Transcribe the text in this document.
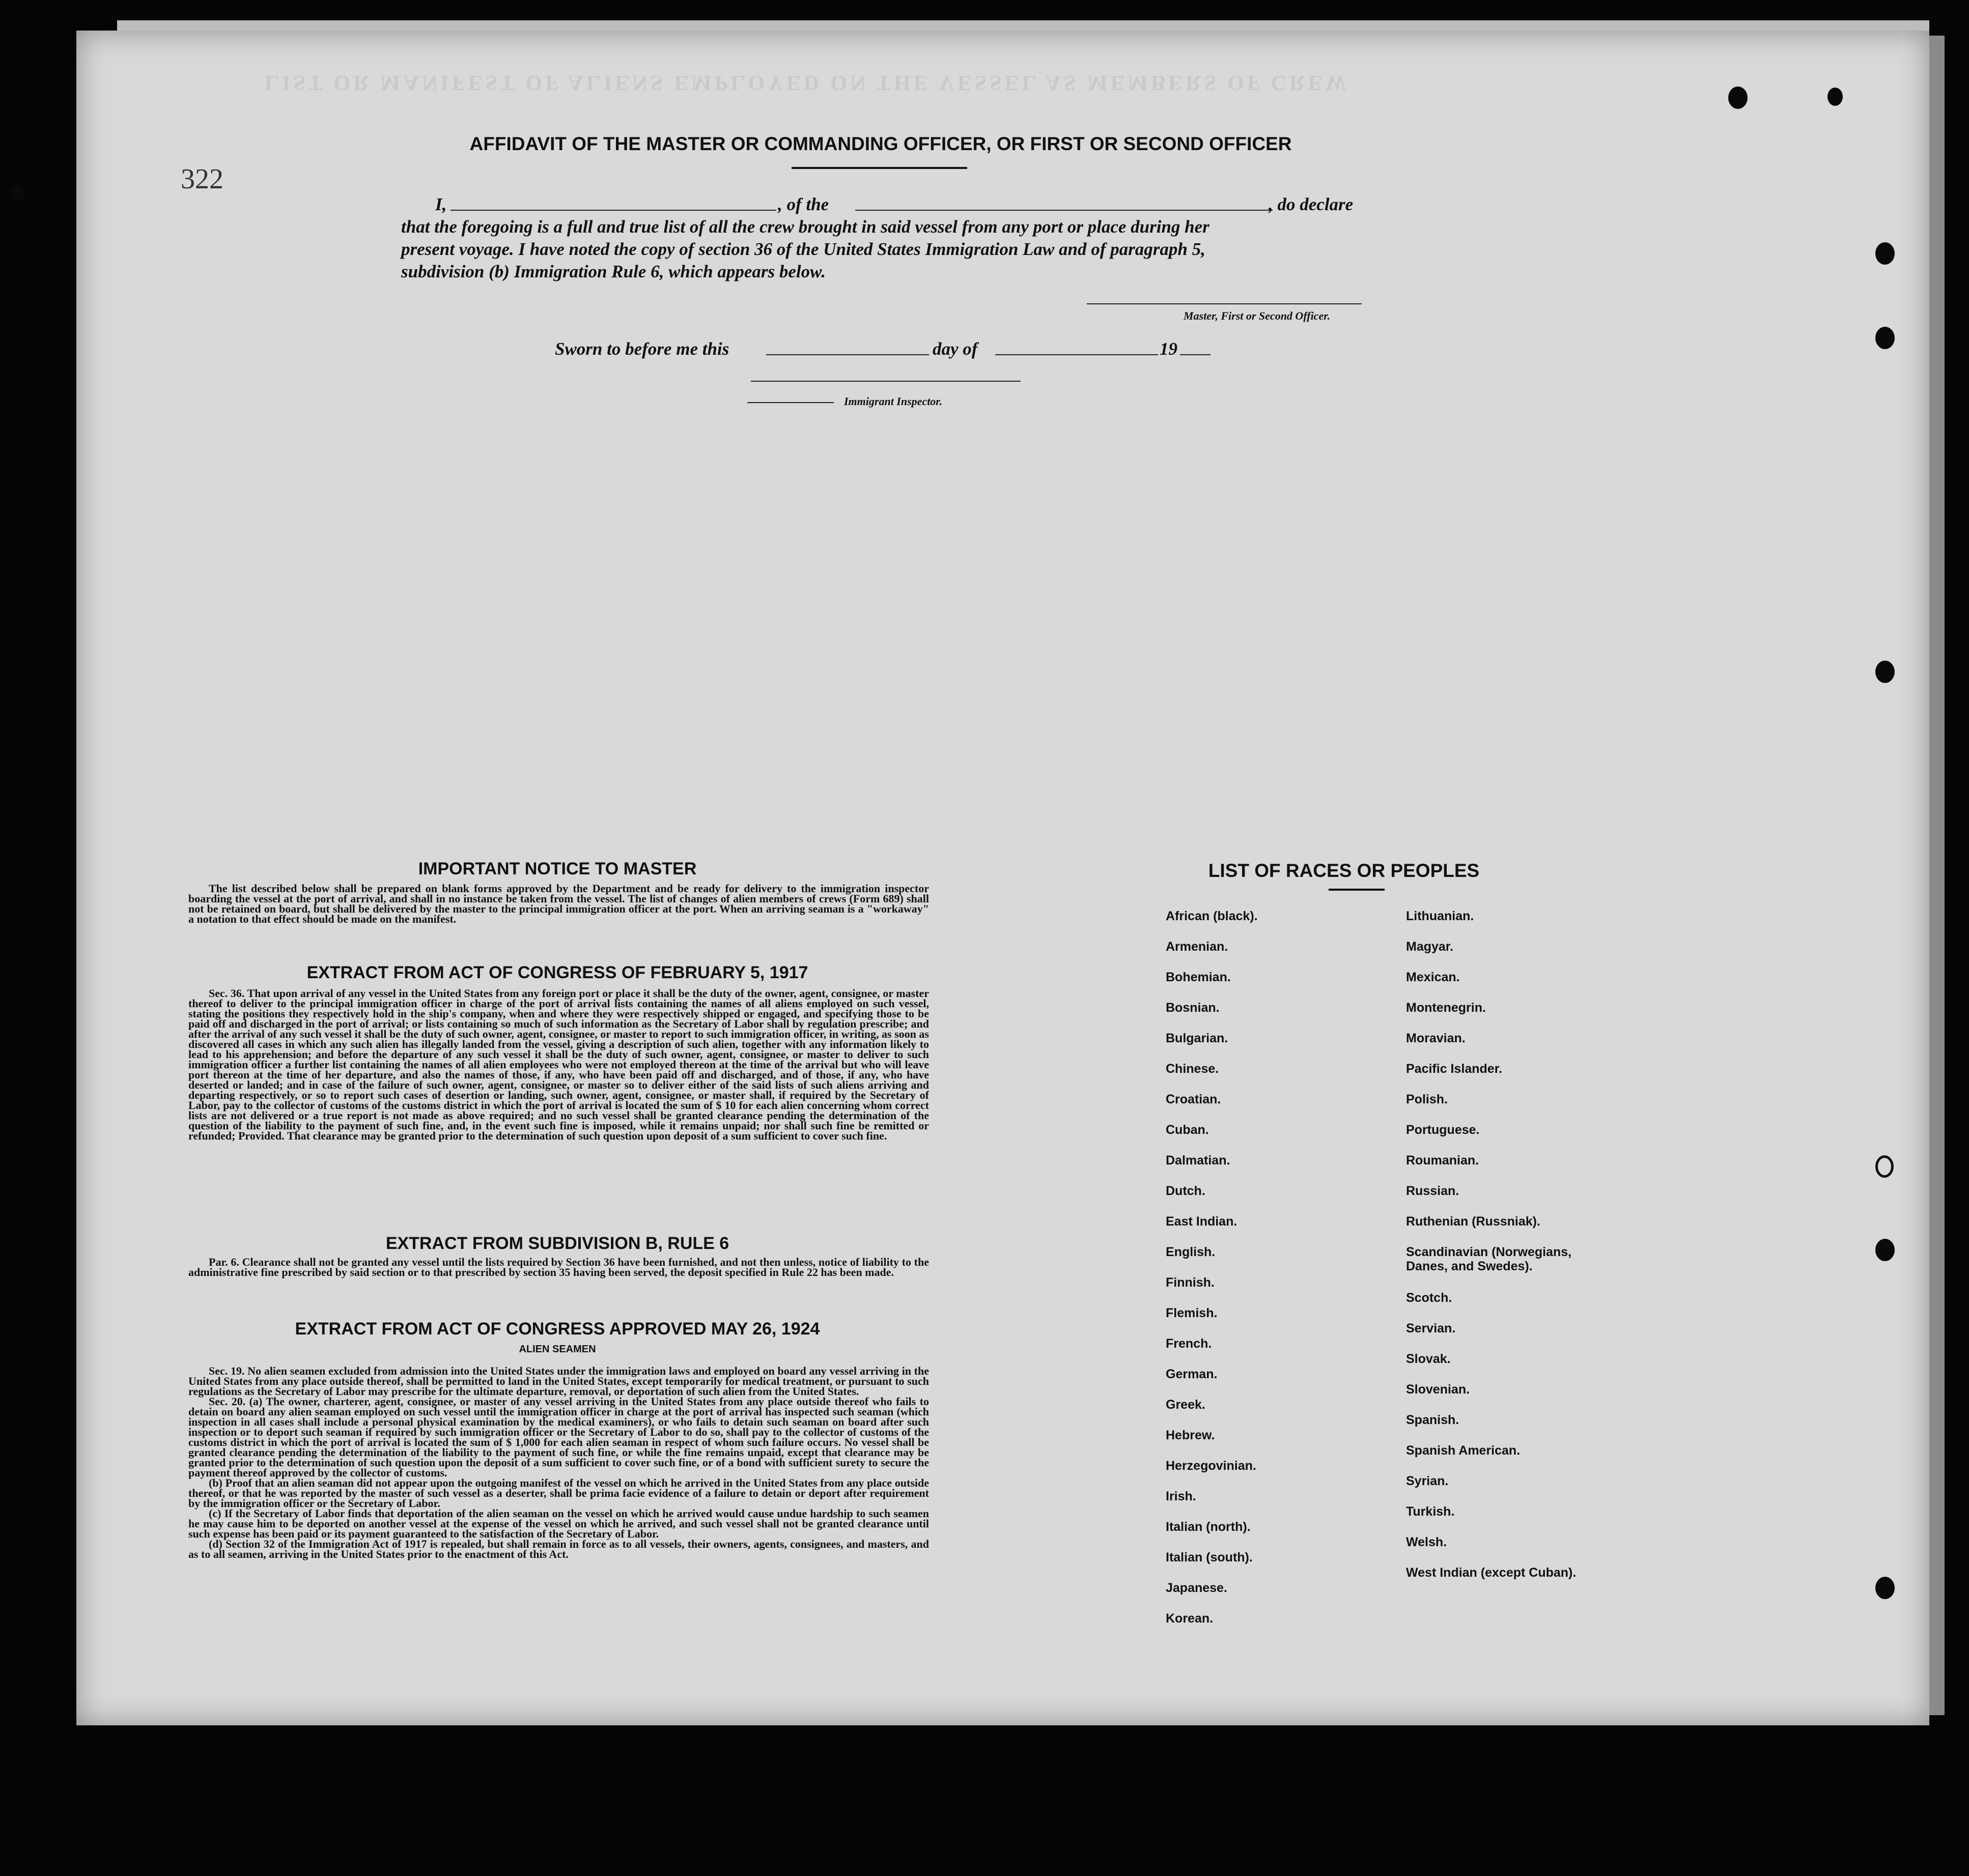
LIST OR MANIFEST OF ALIENS EMPLOYED ON THE VESSEL AS MEMBERS OF CREW
322
AFFIDAVIT OF THE MASTER OR COMMANDING OFFICER, OR FIRST OR SECOND OFFICER
I,	, of the	, do declare
that the foregoing is a full and true list of all the crew brought in said vessel from any port or place during her
present voyage. I have noted the copy of section 36 of the United States Immigration Law and of paragraph 5,
subdivision (b) Immigration Rule 6, which appears below.
Master, First or Second Officer.
Sworn to before me this	day of	19
Immigrant Inspector.
IMPORTANT NOTICE TO MASTER

The list described below shall be prepared on blank forms approved by the Department and be ready for delivery to the immigration inspector boarding the vessel at the port of arrival, and shall in no instance be taken from the vessel. The list of changes of alien members of crews (Form 689) shall not be retained on board, but shall be delivered by the master to the principal immigration officer at the port. When an arriving seaman is a "workaway" a notation to that effect should be made on the manifest.

EXTRACT FROM ACT OF CONGRESS OF FEBRUARY 5, 1917

Sec. 36. That upon arrival of any vessel in the United States from any foreign port or place it shall be the duty of the owner, agent, consignee, or master thereof to deliver to the principal immigration officer in charge of the port of arrival lists containing the names of all aliens employed on such vessel, stating the positions they respectively hold in the ship's company, when and where they were respectively shipped or engaged, and specifying those to be paid off and discharged in the port of arrival; or lists containing so much of such information as the Secretary of Labor shall by regulation prescribe; and after the arrival of any such vessel it shall be the duty of such owner, agent, consignee, or master to report to such immigration officer, in writing, as soon as discovered all cases in which any such alien has illegally landed from the vessel, giving a description of such alien, together with any information likely to lead to his apprehension; and before the departure of any such vessel it shall be the duty of such owner, agent, consignee, or master to deliver to such immigration officer a further list containing the names of all alien employees who were not employed thereon at the time of the arrival but who will leave port thereon at the time of her departure, and also the names of those, if any, who have been paid off and discharged, and of those, if any, who have deserted or landed; and in case of the failure of such owner, agent, consignee, or master so to deliver either of the said lists of such aliens arriving and departing respectively, or so to report such cases of desertion or landing, such owner, agent, consignee, or master shall, if required by the Secretary of Labor, pay to the collector of customs of the customs district in which the port of arrival is located the sum of $ 10 for each alien concerning whom correct lists are not delivered or a true report is not made as above required; and no such vessel shall be granted clearance pending the determination of the question of the liability to the payment of such fine, and, in the event such fine is imposed, while it remains unpaid; nor shall such fine be remitted or refunded; Provided. That clearance may be granted prior to the determination of such question upon deposit of a sum sufficient to cover such fine.

EXTRACT FROM SUBDIVISION B, RULE 6

Par. 6. Clearance shall not be granted any vessel until the lists required by Section 36 have been furnished, and not then unless, notice of liability to the administrative fine prescribed by said section or to that prescribed by section 35 having been served, the deposit specified in Rule 22 has been made.

EXTRACT FROM ACT OF CONGRESS APPROVED MAY 26, 1924
ALIEN SEAMEN

Sec. 19. No alien seamen excluded from admission into the United States under the immigration laws and employed on board any vessel arriving in the United States from any place outside thereof, shall be permitted to land in the United States, except temporarily for medical treatment, or pursuant to such regulations as the Secretary of Labor may prescribe for the ultimate departure, removal, or deportation of such alien from the United States.

Sec. 20. (a) The owner, charterer, agent, consignee, or master of any vessel arriving in the United States from any place outside thereof who fails to detain on board any alien seaman employed on such vessel until the immigration officer in charge at the port of arrival has inspected such seaman (which inspection in all cases shall include a personal physical examination by the medical examiners), or who fails to detain such seaman on board after such inspection or to deport such seaman if required by such immigration officer or the Secretary of Labor to do so, shall pay to the collector of customs of the customs district in which the port of arrival is located the sum of $ 1,000 for each alien seaman in respect of whom such failure occurs. No vessel shall be granted clearance pending the determination of the liability to the payment of such fine, or while the fine remains unpaid, except that clearance may be granted prior to the determination of such question upon the deposit of a sum sufficient to cover such fine, or of a bond with sufficient surety to secure the payment thereof approved by the collector of customs.

(b) Proof that an alien seaman did not appear upon the outgoing manifest of the vessel on which he arrived in the United States from any place outside thereof, or that he was reported by the master of such vessel as a deserter, shall be prima facie evidence of a failure to detain or deport after requirement by the immigration officer or the Secretary of Labor.

(c) If the Secretary of Labor finds that deportation of the alien seaman on the vessel on which he arrived would cause undue hardship to such seamen he may cause him to be deported on another vessel at the expense of the vessel on which he arrived, and such vessel shall not be granted clearance until such expense has been paid or its payment guaranteed to the satisfaction of the Secretary of Labor.

(d) Section 32 of the Immigration Act of 1917 is repealed, but shall remain in force as to all vessels, their owners, agents, consignees, and masters, and as to all seamen, arriving in the United States prior to the enactment of this Act.

LIST OF RACES OR PEOPLES
African (black).
Armenian.
Bohemian.
Bosnian.
Bulgarian.
Chinese.
Croatian.
Cuban.
Dalmatian.
Dutch.
East Indian.
English.
Finnish.
Flemish.
French.
German.
Greek.
Hebrew.
Herzegovinian.
Irish.
Italian (north).
Italian (south).
Japanese.
Korean.
Lithuanian.
Magyar.
Mexican.
Montenegrin.
Moravian.
Pacific Islander.
Polish.
Portuguese.
Roumanian.
Russian.
Ruthenian (Russniak).
Scandinavian (Norwegians, Danes, and Swedes).
Scotch.
Servian.
Slovak.
Slovenian.
Spanish.
Spanish American.
Syrian.
Turkish.
Welsh.
West Indian (except Cuban).
